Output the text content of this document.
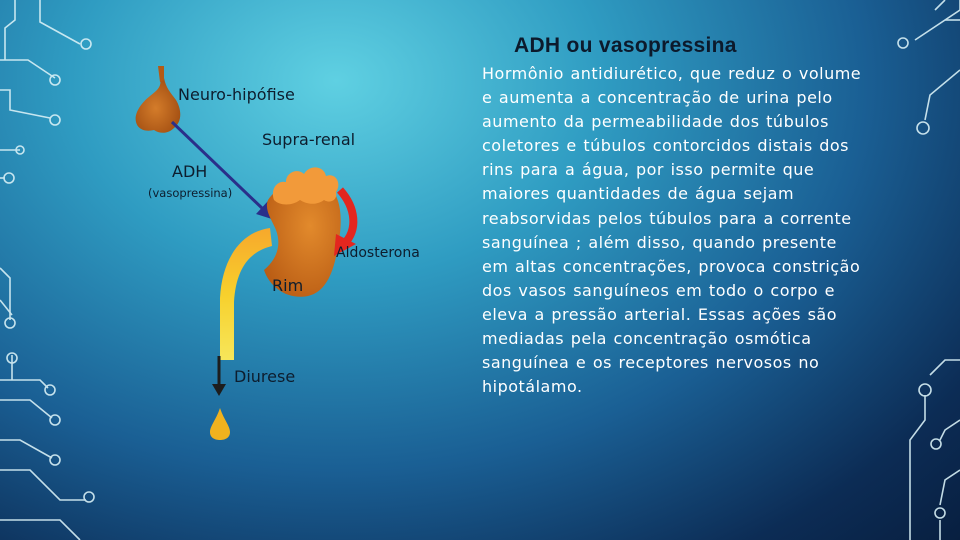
ADH ou vasopressina

Hormônio antidiurético, que reduz o volume e aumenta a concentração de urina pelo aumento da permeabilidade dos túbulos coletores e túbulos contorcidos distais dos rins para a água, por isso permite que maiores quantidades de água sejam reabsorvidas pelos túbulos para a corrente sanguínea ; além disso, quando presente em altas concentrações, provoca constrição dos vasos sanguíneos em todo o corpo e eleva a pressão arterial. Essas ações são mediadas pela concentração osmótica sanguínea e os receptores nervosos no hipotálamo.

Neuro-hipófise
Supra-renal
ADH
(vasopressina)
Aldosterona
Rim
Diurese
